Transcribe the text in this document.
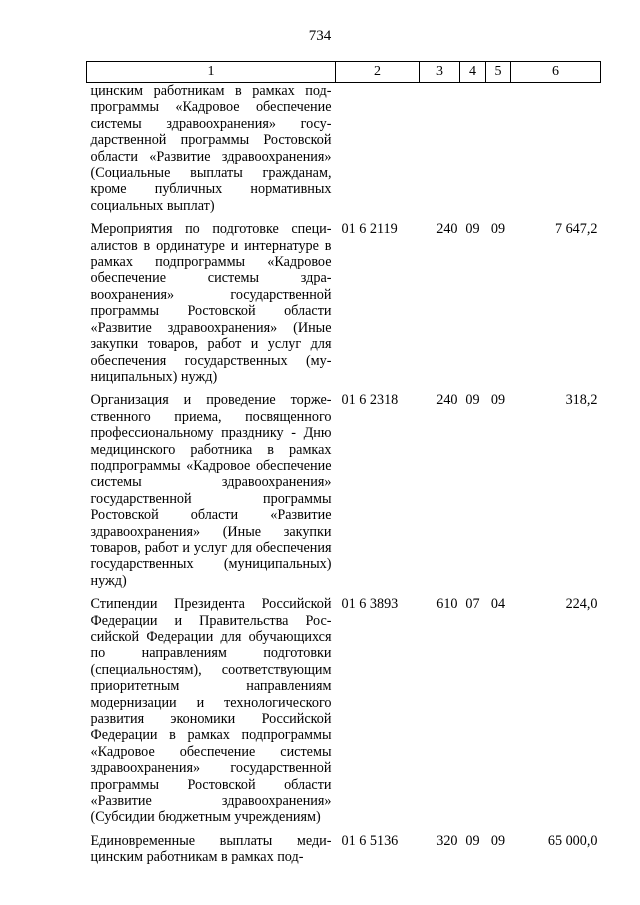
734
1	2	3	4	5	6
цинским работникам в рамках подпрограммы «Кадровое обеспечение системы здравоохранения» государственной программы Ростовской области «Развитие здравоохранения» (Социальные выплаты гражданам, кроме публичных нормативных социальных выплат)					
Мероприятия по подготовке специалистов в ординатуре и интернатуре в рамках подпрограммы «Кадровое обеспечение системы здравоохранения» государственной программы Ростовской области «Развитие здравоохранения» (Иные закупки товаров, работ и услуг для обеспечения государственных (муниципальных) нужд)	01 6 2119	240	09	09	7 647,2
Организация и проведение торжественного приема, посвященного профессиональному празднику - Дню медицинского работника в рамках подпрограммы «Кадровое обеспечение системы здравоохранения» государственной программы Ростовской области «Развитие здравоохранения» (Иные закупки товаров, работ и услуг для обеспечения государственных (муниципальных) нужд)	01 6 2318	240	09	09	318,2
Стипендии Президента Российской Федерации и Правительства Российской Федерации для обучающихся по направлениям подготовки (специальностям), соответствующим приоритетным направлениям модернизации и технологического развития экономики Российской Федерации в рамках подпрограммы «Кадровое обеспечение системы здравоохранения» государственной программы Ростовской области «Развитие здравоохранения» (Субсидии бюджетным учреждениям)	01 6 3893	610	07	04	224,0
Единовременные выплаты медицинским работникам в рамках под-	01 6 5136	320	09	09	65 000,0
